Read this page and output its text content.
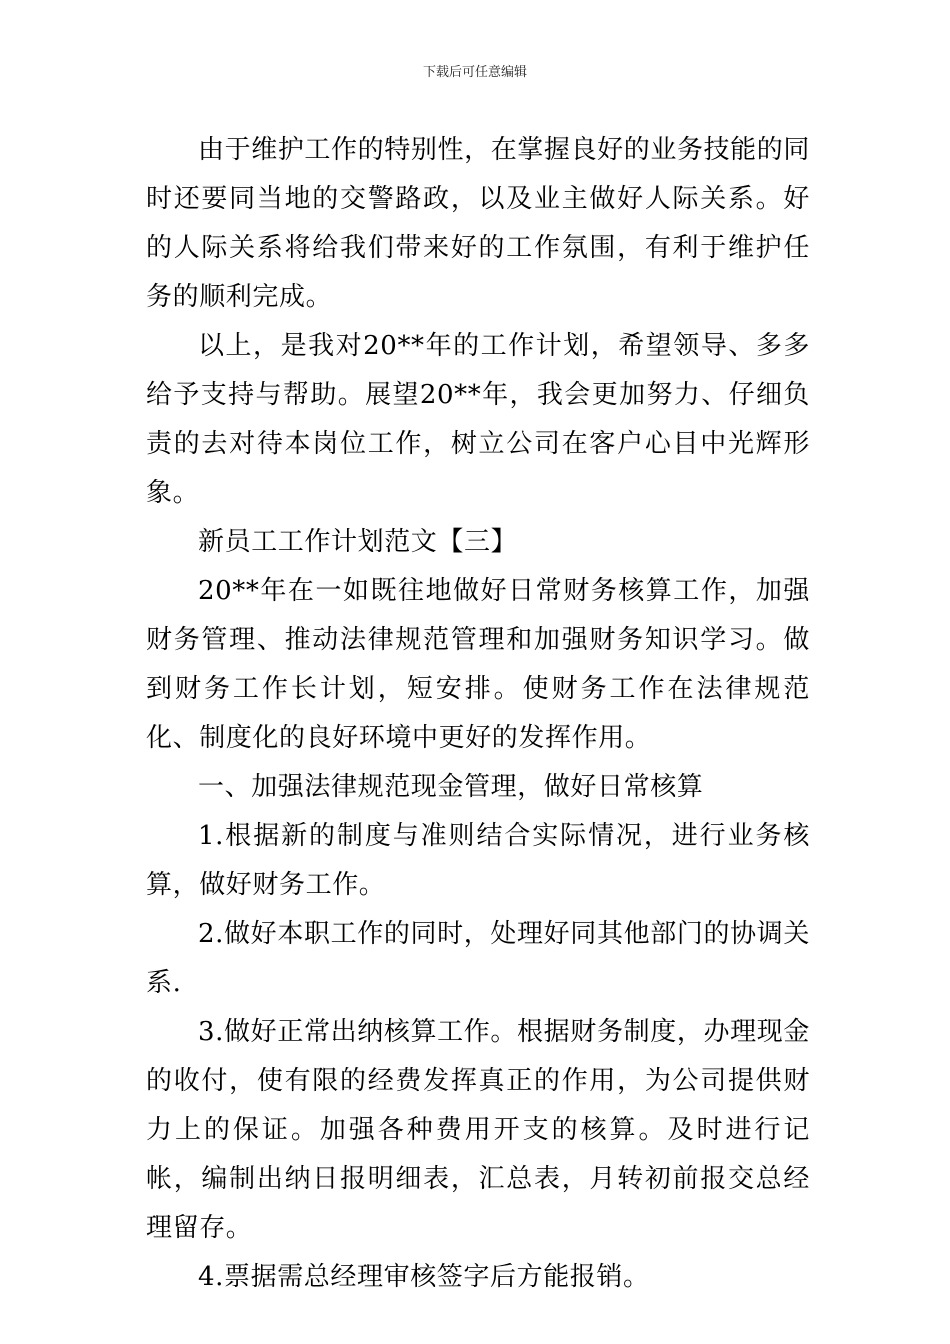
下载后可任意编辑

由于维护工作的特别性，在掌握良好的业务技能的同时还要同当地的交警路政，以及业主做好人际关系。好的人际关系将给我们带来好的工作氛围，有利于维护任务的顺利完成。

以上，是我对20**年的工作计划，希望领导、多多给予支持与帮助。展望20**年，我会更加努力、仔细负责的去对待本岗位工作，树立公司在客户心目中光辉形象。

新员工工作计划范文【三】

20**年在一如既往地做好日常财务核算工作，加强财务管理、推动法律规范管理和加强财务知识学习。做到财务工作长计划，短安排。使财务工作在法律规范化、制度化的良好环境中更好的发挥作用。

一、加强法律规范现金管理，做好日常核算

1.根据新的制度与准则结合实际情况，进行业务核算，做好财务工作。

2.做好本职工作的同时，处理好同其他部门的协调关系.

3.做好正常出纳核算工作。根据财务制度，办理现金的收付，使有限的经费发挥真正的作用，为公司提供财力上的保证。加强各种费用开支的核算。及时进行记帐，编制出纳日报明细表，汇总表，月转初前报交总经理留存。

4.票据需总经理审核签字后方能报销。
